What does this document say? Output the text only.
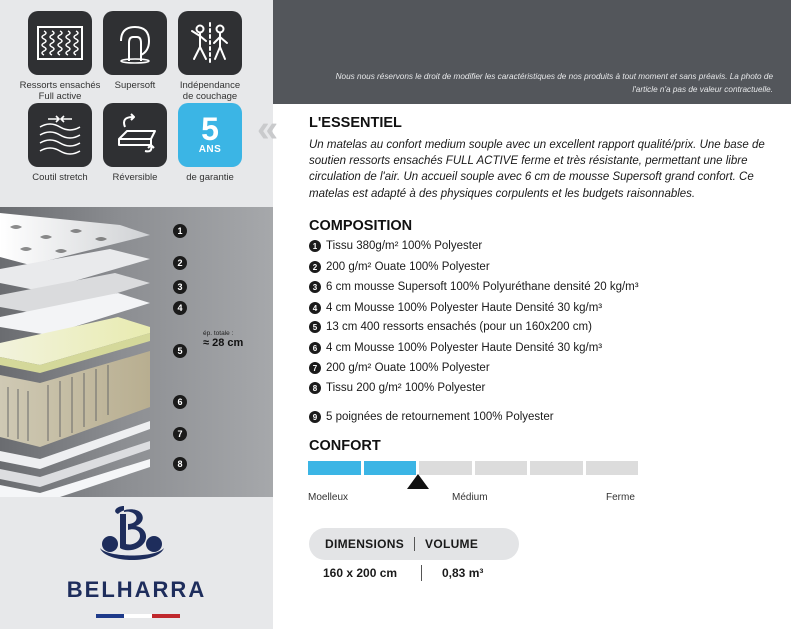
Ressorts ensachés
Full active
Supersoft	Indépendance
de couchage
Coutil stretch	Réversible
5
ANS
de garantie
1
2
3
4
5
6
7
8
ép. totale :
≈ 28 cm
BELHARRA
Nous nous réservons le droit de modifier les caractéristiques de nos produits à tout moment et sans préavis. La photo de l'article n'a pas de valeur contractuelle.
« L'ESSENTIEL
Un matelas au confort medium souple avec un excellent rapport qualité/prix. Une base de soutien ressorts ensachés FULL ACTIVE ferme et très résistante, permettant une libre circulation de l'air. Un accueil souple avec 6 cm de mousse Supersoft grand confort. Ce matelas est adapté à des physiques corpulents et les budgets raisonnables.
COMPOSITION
1 Tissu 380g/m² 100% Polyester
2 200 g/m² Ouate 100% Polyester
3 6 cm mousse Supersoft 100% Polyuréthane densité 20 kg/m³
4 4 cm Mousse 100% Polyester Haute Densité 30 kg/m³
5 13 cm 400 ressorts ensachés (pour un 160x200 cm)
6 4 cm Mousse 100% Polyester Haute Densité 30 kg/m³
7 200 g/m² Ouate 100% Polyester
8 Tissu 200 g/m² 100% Polyester
9 5 poignées de retournement 100% Polyester
CONFORT
Moelleux	Médium	Ferme
DIMENSIONS VOLUME
160 x 200 cm	0,83 m³
